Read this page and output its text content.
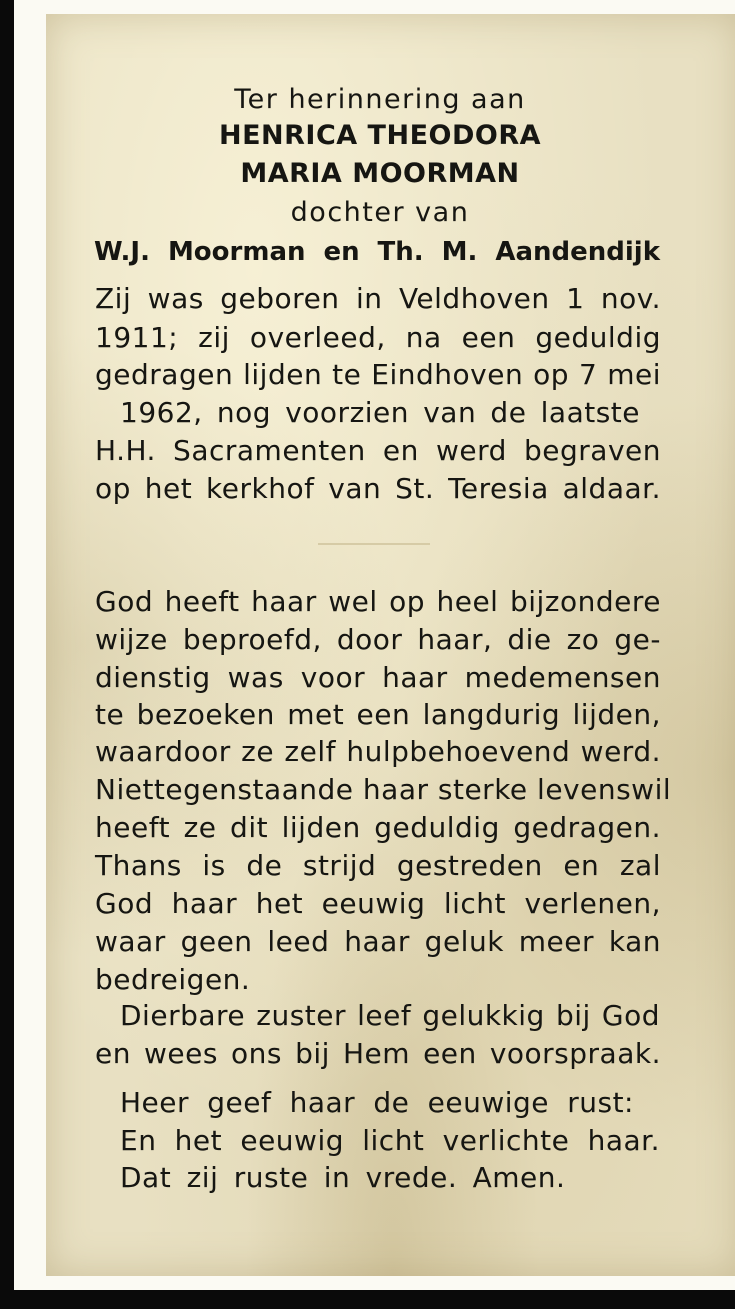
Ter herinnering aan
HENRICA THEODORA
MARIA MOORMAN
dochter van
W.J. Moorman en Th. M. Aandendijk
Zij was geboren in Veldhoven 1 nov.
1911; zij overleed, na een geduldig
gedragen lijden te Eindhoven op 7 mei
1962, nog voorzien van de laatste
H.H. Sacramenten en werd begraven
op het kerkhof van St. Teresia aldaar.
God heeft haar wel op heel bijzondere
wijze beproefd, door haar, die zo ge-
dienstig was voor haar medemensen
te bezoeken met een langdurig lijden,
waardoor ze zelf hulpbehoevend werd.
Niettegenstaande haar sterke levenswil
heeft ze dit lijden geduldig gedragen.
Thans is de strijd gestreden en zal
God haar het eeuwig licht verlenen,
waar geen leed haar geluk meer kan
bedreigen.
Dierbare zuster leef gelukkig bij God
en wees ons bij Hem een voorspraak.
Heer geef haar de eeuwige rust:
En het eeuwig licht verlichte haar.
Dat zij ruste in vrede. Amen.
